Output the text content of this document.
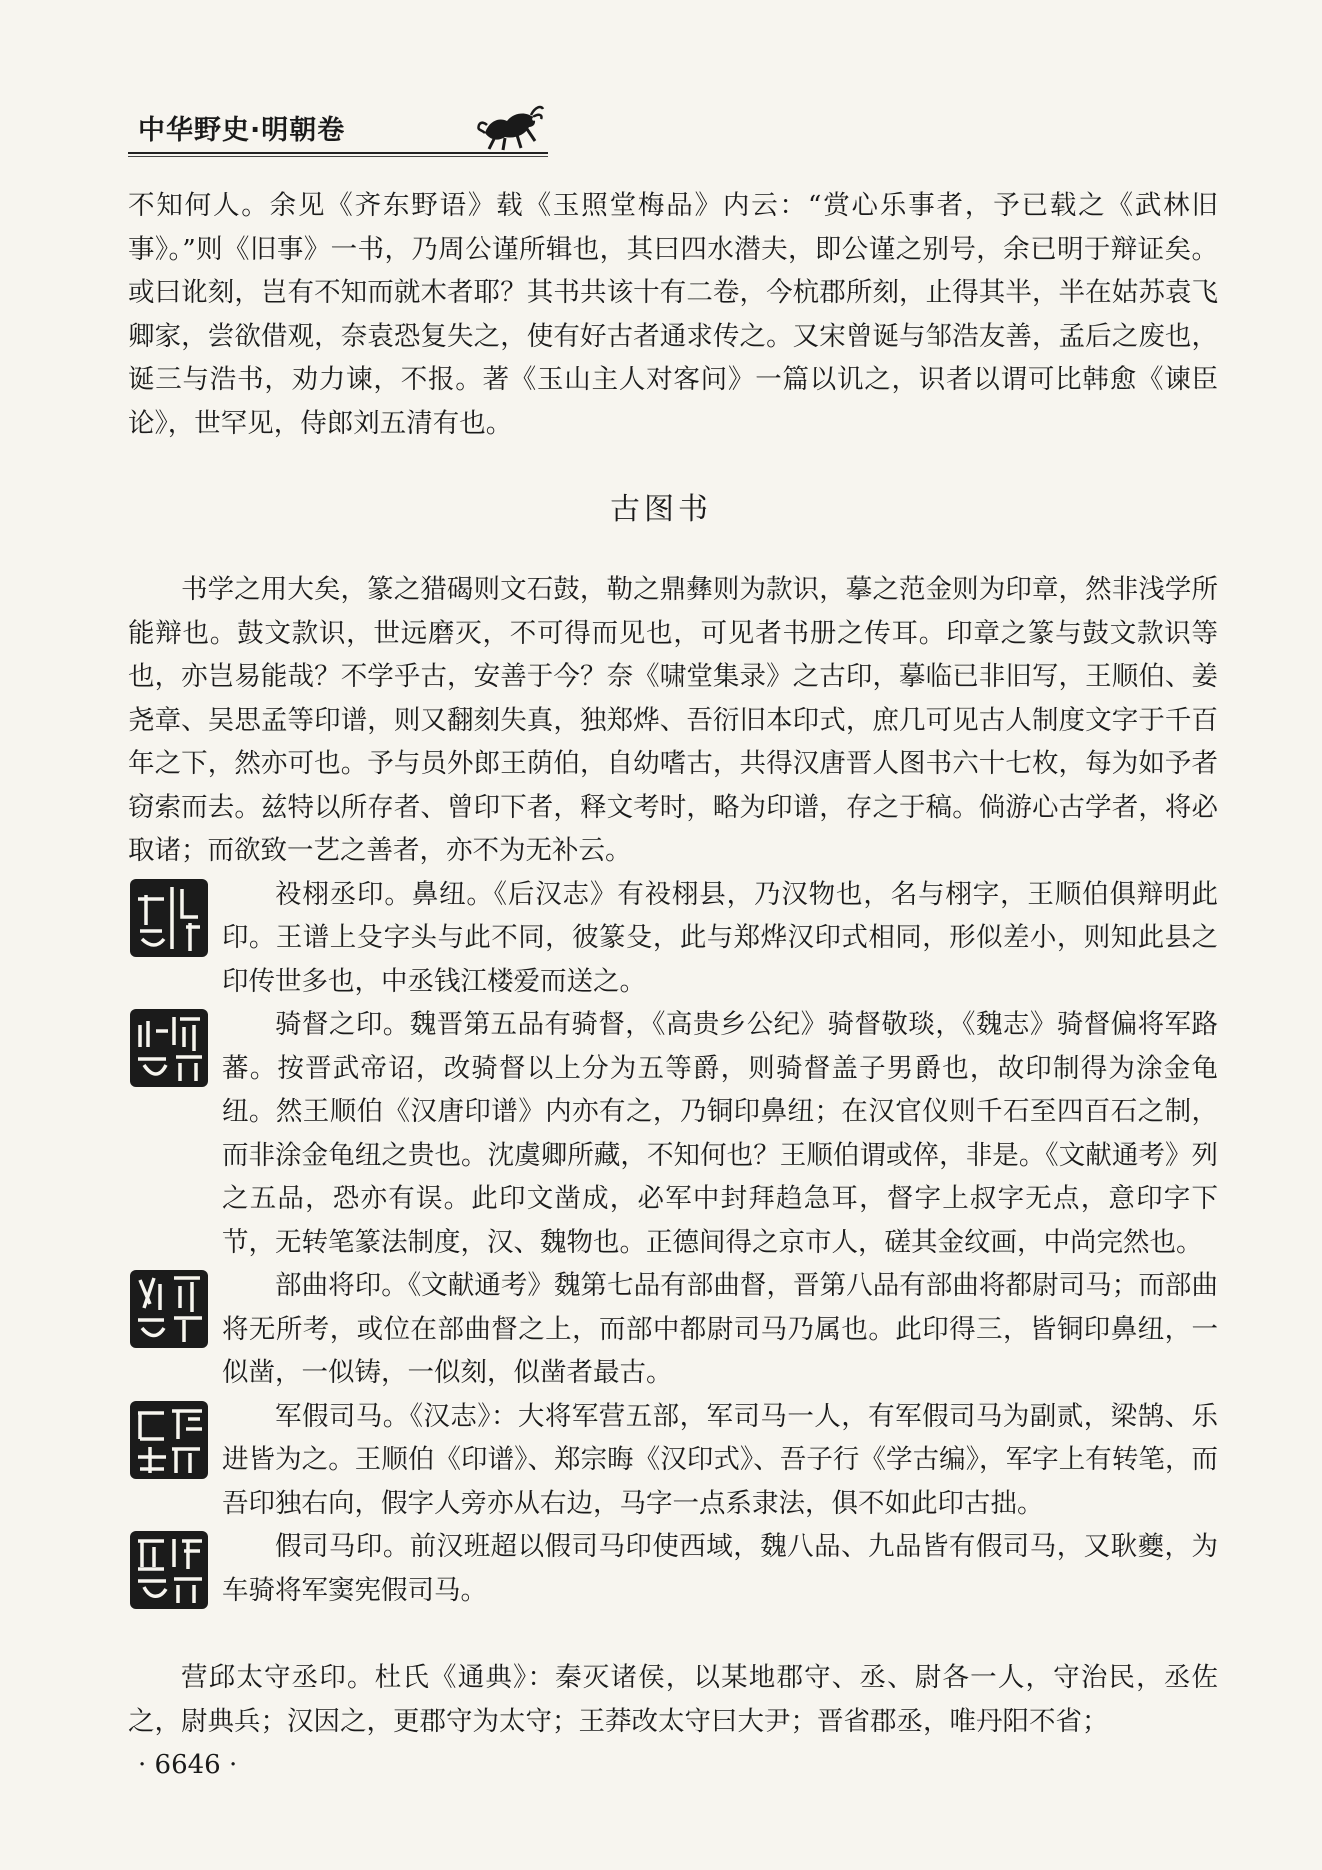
中华野史·明朝卷

不知何人。余见《齐东野语》载《玉照堂梅品》内云：“赏心乐事者，予已载之《武林旧事》。”则《旧事》一书，乃周公谨所辑也，其曰四水潜夫，即公谨之别号，余已明于辩证矣。或曰讹刻，岂有不知而就木者耶？其书共该十有二卷，今杭郡所刻，止得其半，半在姑苏袁飞卿家，尝欲借观，奈袁恐复失之，使有好古者通求传之。又宋曾诞与邹浩友善，孟后之废也，诞三与浩书，劝力谏，不报。著《玉山主人对客问》一篇以讥之，识者以谓可比韩愈《谏臣论》，世罕见，侍郎刘五清有也。

古图书

书学之用大矣，篆之猎碣则文石鼓，勒之鼎彝则为款识，摹之范金则为印章，然非浅学所能辩也。鼓文款识，世远磨灭，不可得而见也，可见者书册之传耳。印章之篆与鼓文款识等也，亦岂易能哉？不学乎古，安善于今？奈《啸堂集录》之古印，摹临已非旧写，王顺伯、姜尧章、吴思孟等印谱，则又翻刻失真，独郑烨、吾衍旧本印式，庶几可见古人制度文字于千百年之下，然亦可也。予与员外郎王荫伯，自幼嗜古，共得汉唐晋人图书六十七枚，每为如予者窃索而去。兹特以所存者、曾印下者，释文考时，略为印谱，存之于稿。倘游心古学者，将必取诸；而欲致一艺之善者，亦不为无补云。

祋栩丞印。鼻纽。《后汉志》有祋栩县，乃汉物也，名与栩字，王顺伯俱辩明此印。王谱上殳字头与此不同，彼篆殳，此与郑烨汉印式相同，形似差小，则知此县之印传世多也，中丞钱江楼爱而送之。

骑督之印。魏晋第五品有骑督，《高贵乡公纪》骑督敬琰，《魏志》骑督偏将军路蕃。按晋武帝诏，改骑督以上分为五等爵，则骑督盖子男爵也，故印制得为涂金龟纽。然王顺伯《汉唐印谱》内亦有之，乃铜印鼻纽；在汉官仪则千石至四百石之制，而非涂金龟纽之贵也。沈虞卿所藏，不知何也？王顺伯谓或倅，非是。《文献通考》列之五品，恐亦有误。此印文凿成，必军中封拜趋急耳，督字上叔字无点，意印字下节，无转笔篆法制度，汉、魏物也。正德间得之京市人，磋其金纹画，中尚完然也。

部曲将印。《文献通考》魏第七品有部曲督，晋第八品有部曲将都尉司马；而部曲将无所考，或位在部曲督之上，而部中都尉司马乃属也。此印得三，皆铜印鼻纽，一似凿，一似铸，一似刻，似凿者最古。

军假司马。《汉志》：大将军营五部，军司马一人，有军假司马为副贰，梁鹄、乐进皆为之。王顺伯《印谱》、郑宗晦《汉印式》、吾子行《学古编》，军字上有转笔，而吾印独右向，假字人旁亦从右边，马字一点系隶法，俱不如此印古拙。

假司马印。前汉班超以假司马印使西域，魏八品、九品皆有假司马，又耿夔，为车骑将军窦宪假司马。

营邱太守丞印。杜氏《通典》：秦灭诸侯，以某地郡守、丞、尉各一人，守治民，丞佐之，尉典兵；汉因之，更郡守为太守；王莽改太守曰大尹；晋省郡丞，唯丹阳不省；

· 6646 ·
